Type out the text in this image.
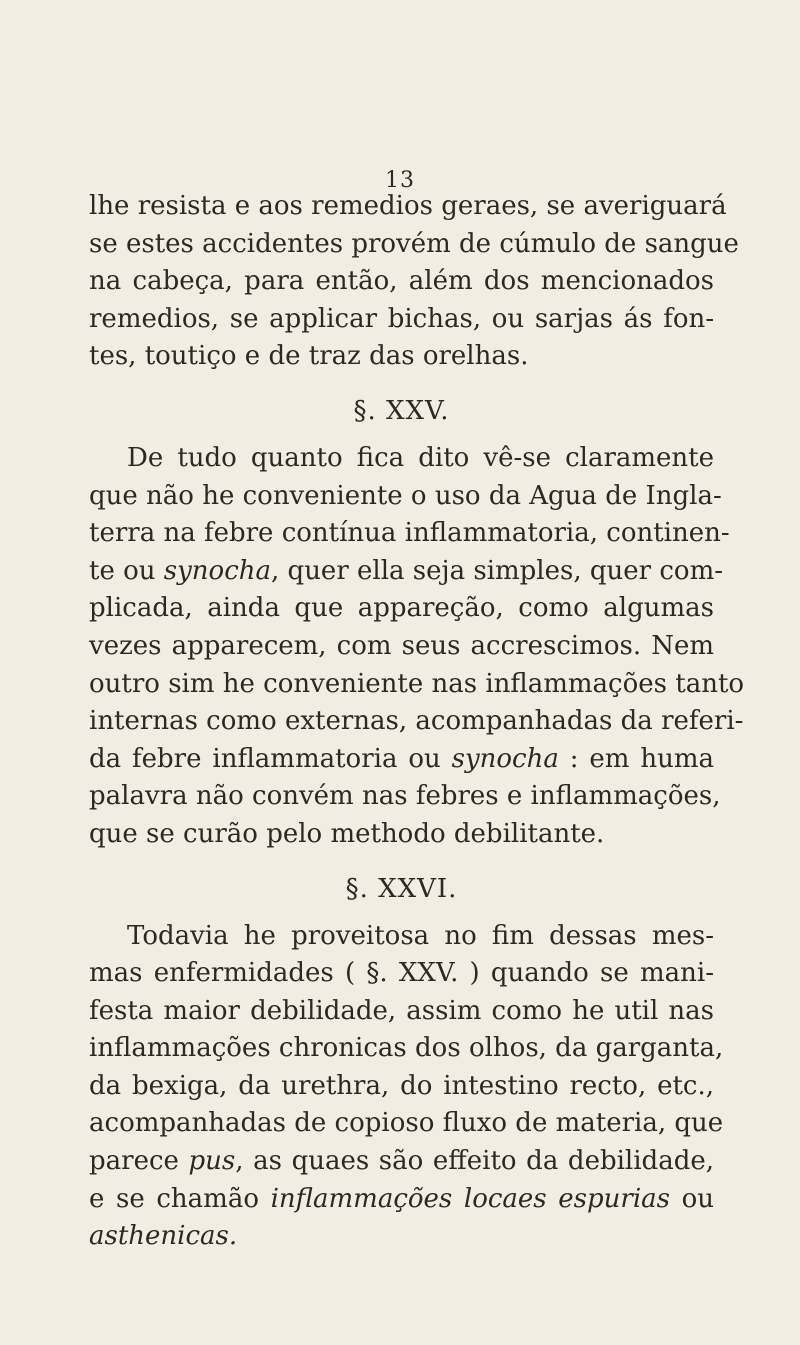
13
lhe resista e aos remedios geraes, se averiguará
se estes accidentes provém de cúmulo de sangue
na cabeça, para então, além dos mencionados
remedios, se applicar bichas, ou sarjas ás fon-
tes, toutiço e de traz das orelhas.
§. XXV.
De tudo quanto fica dito vê-se claramente
que não he conveniente o uso da Agua de Ingla-
terra na febre contínua inflammatoria, continen-
te ou synocha, quer ella seja simples, quer com-
plicada, ainda que appareção, como algumas
vezes apparecem, com seus accrescimos. Nem
outro sim he conveniente nas inflammações tanto
internas como externas, acompanhadas da referi-
da febre inflammatoria ou synocha : em huma
palavra não convém nas febres e inflammações,
que se curão pelo methodo debilitante.
§. XXVI.
Todavia he proveitosa no fim dessas mes-
mas enfermidades ( §. XXV. ) quando se mani-
festa maior debilidade, assim como he util nas
inflammações chronicas dos olhos, da garganta,
da bexiga, da urethra, do intestino recto, etc.,
acompanhadas de copioso fluxo de materia, que
parece pus, as quaes são effeito da debilidade,
e se chamão inflammações locaes espurias ou
asthenicas.
